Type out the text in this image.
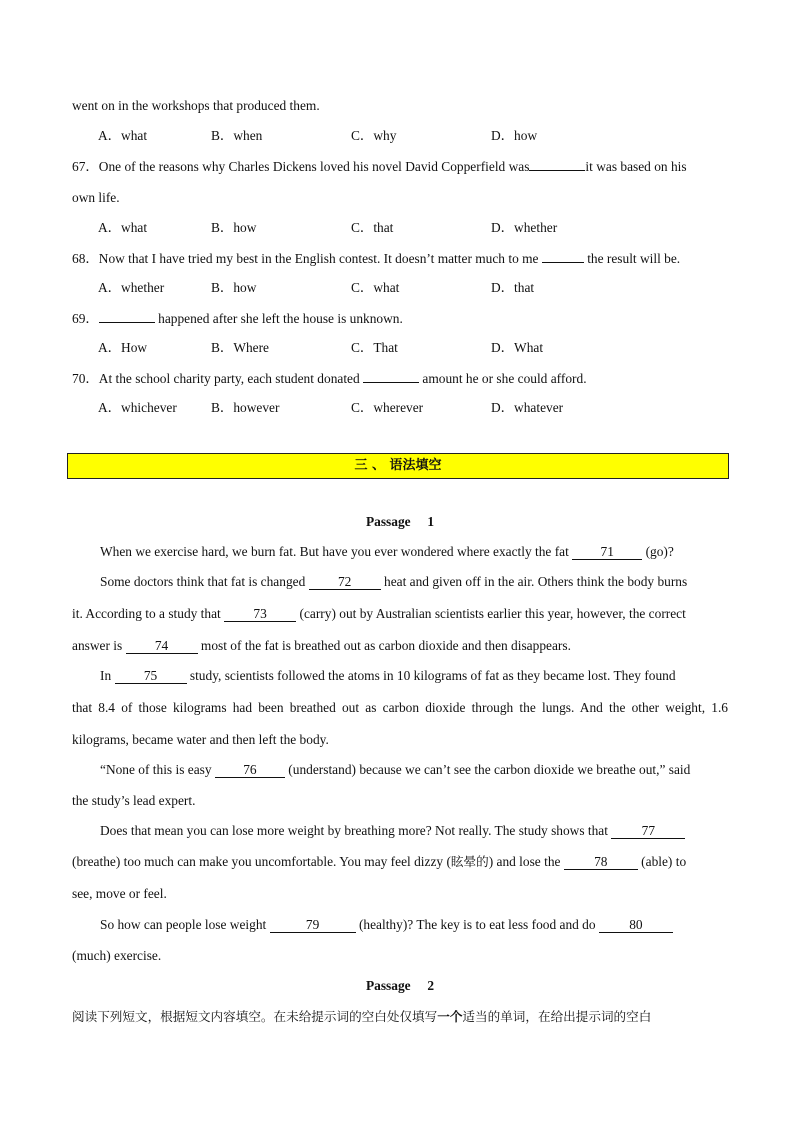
went on in the workshops that produced them.
A．what	B．when	C．why	D．how
67．One of the reasons why Charles Dickens loved his novel David Copperfield was	it was based on his
own life.
A．what	B．how	C．that	D．whether
68．Now that I have tried my best in the English contest. It doesn’t matter much to me	the result will be.
A．whether	B．how	C．what	D．that
69．	happened after she left the house is unknown.
A．How	B．Where	C．That	D．What
70．At the school charity party, each student donated	amount he or she could afford.
A．whichever	B．however	C．wherever	D．whatever
三 、 语法填空
Passage　 1
When we exercise hard, we burn fat. But have you ever wondered where exactly the fat 71 (go)?
Some doctors think that fat is changed 72 heat and given off in the air. Others think the body burns
it. According to a study that 73 (carry) out by Australian scientists earlier this year, however, the correct
answer is 74 most of the fat is breathed out as carbon dioxide and then disappears.
In 75 study, scientists followed the atoms in 10 kilograms of fat as they became lost. They found
that 8.4 of those kilograms had been breathed out as carbon dioxide through the lungs. And the other weight, 1.6
kilograms, became water and then left the body.
“None of this is easy 76 (understand) because we can’t see the carbon dioxide we breathe out,” said
the study’s lead expert.
Does that mean you can lose more weight by breathing more? Not really. The study shows that	77
(breathe) too much can make you uncomfortable. You may feel dizzy (眩晕的) and lose the	78	(able) to
see, move or feel.
So how can people lose weight	79	(healthy)? The key is to eat less food and do	80
(much) exercise.
Passage　 2
阅读下列短文，根据短文内容填空。在未给提示词的空白处仅填写一个适当的单词，在给出提示词的空白
